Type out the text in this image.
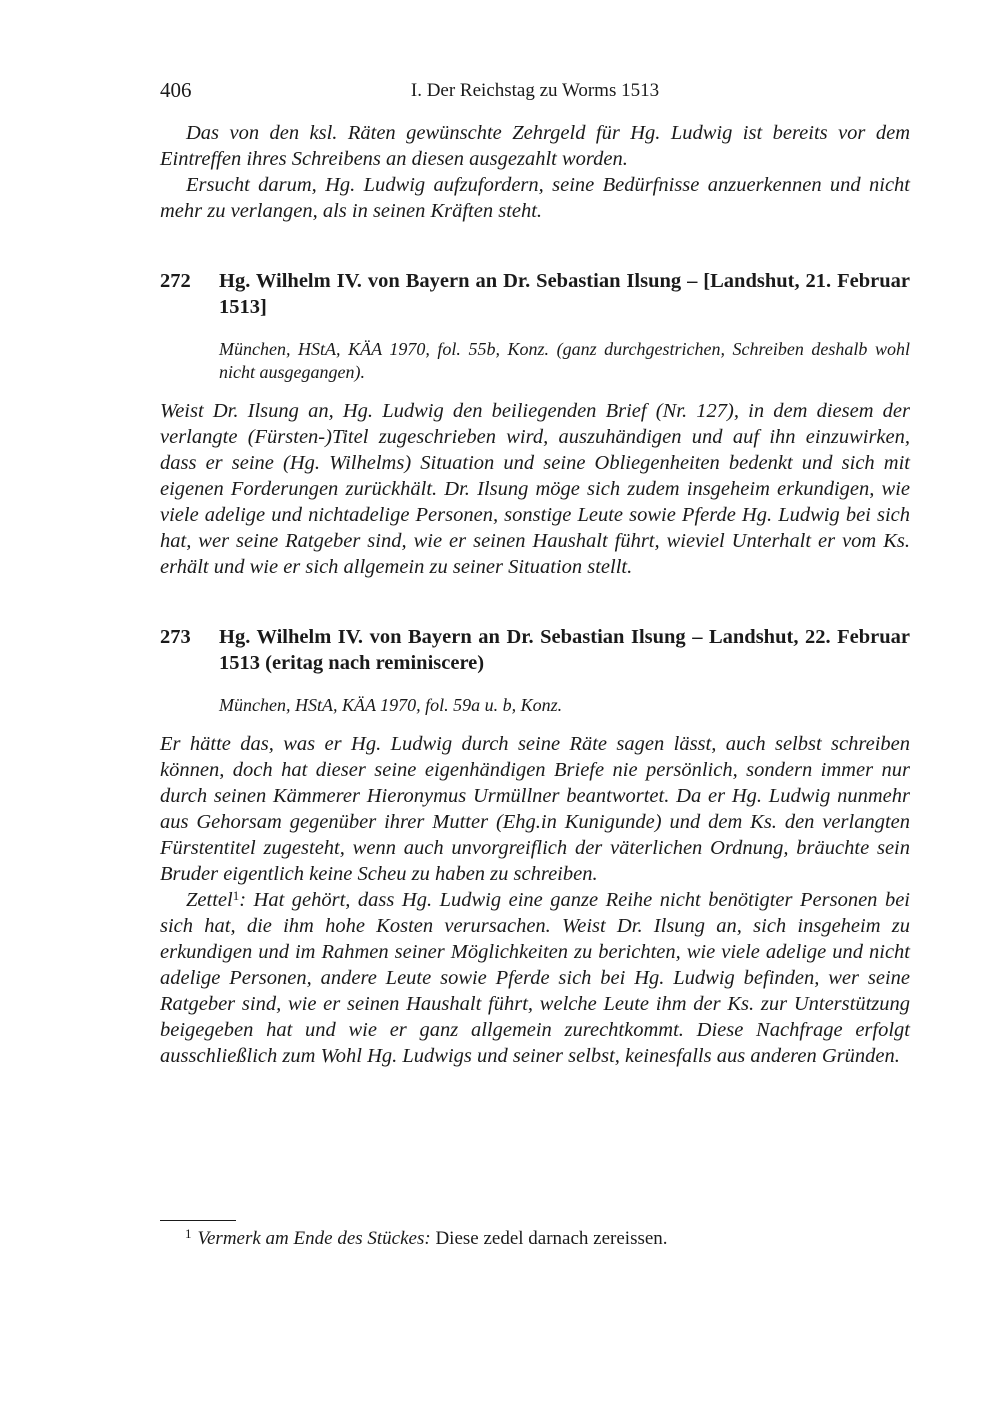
406	I. Der Reichstag zu Worms 1513

Das von den ksl. Räten gewünschte Zehrgeld für Hg. Ludwig ist bereits vor dem Eintreffen ihres Schreibens an diesen ausgezahlt worden.

Ersucht darum, Hg. Ludwig aufzufordern, seine Bedürfnisse anzuerkennen und nicht mehr zu verlangen, als in seinen Kräften steht.

272	Hg. Wilhelm IV. von Bayern an Dr. Sebastian Ilsung – [Landshut, 21. Februar 1513]

München, HStA, KÄA 1970, fol. 55b, Konz. (ganz durchgestrichen, Schreiben deshalb wohl nicht ausgegangen).

Weist Dr. Ilsung an, Hg. Ludwig den beiliegenden Brief (Nr. 127), in dem diesem der verlangte (Fürsten-)Titel zugeschrieben wird, auszuhändigen und auf ihn einzuwirken, dass er seine (Hg. Wilhelms) Situation und seine Obliegenheiten bedenkt und sich mit eigenen Forderungen zurückhält. Dr. Ilsung möge sich zudem insgeheim erkundigen, wie viele adelige und nichtadelige Personen, sonstige Leute sowie Pferde Hg. Ludwig bei sich hat, wer seine Ratgeber sind, wie er seinen Haushalt führt, wieviel Unterhalt er vom Ks. erhält und wie er sich allgemein zu seiner Situation stellt.

273	Hg. Wilhelm IV. von Bayern an Dr. Sebastian Ilsung – Landshut, 22. Februar 1513 (eritag nach reminiscere)

München, HStA, KÄA 1970, fol. 59a u. b, Konz.

Er hätte das, was er Hg. Ludwig durch seine Räte sagen lässt, auch selbst schreiben können, doch hat dieser seine eigenhändigen Briefe nie persönlich, sondern immer nur durch seinen Kämmerer Hieronymus Urmüllner beantwortet. Da er Hg. Ludwig nunmehr aus Gehorsam gegenüber ihrer Mutter (Ehg.in Kunigunde) und dem Ks. den verlangten Fürstentitel zugesteht, wenn auch unvorgreiflich der väterlichen Ordnung, bräuchte sein Bruder eigentlich keine Scheu zu haben zu schreiben.

Zettel$^1$: Hat gehört, dass Hg. Ludwig eine ganze Reihe nicht benötigter Personen bei sich hat, die ihm hohe Kosten verursachen. Weist Dr. Ilsung an, sich insgeheim zu erkundigen und im Rahmen seiner Möglichkeiten zu berichten, wie viele adelige und nicht adelige Personen, andere Leute sowie Pferde sich bei Hg. Ludwig befinden, wer seine Ratgeber sind, wie er seinen Haushalt führt, welche Leute ihm der Ks. zur Unterstützung beigegeben hat und wie er ganz allgemein zurechtkommt. Diese Nachfrage erfolgt ausschließlich zum Wohl Hg. Ludwigs und seiner selbst, keinesfalls aus anderen Gründen.

$^1$ Vermerk am Ende des Stückes: Diese zedel darnach zereissen.
